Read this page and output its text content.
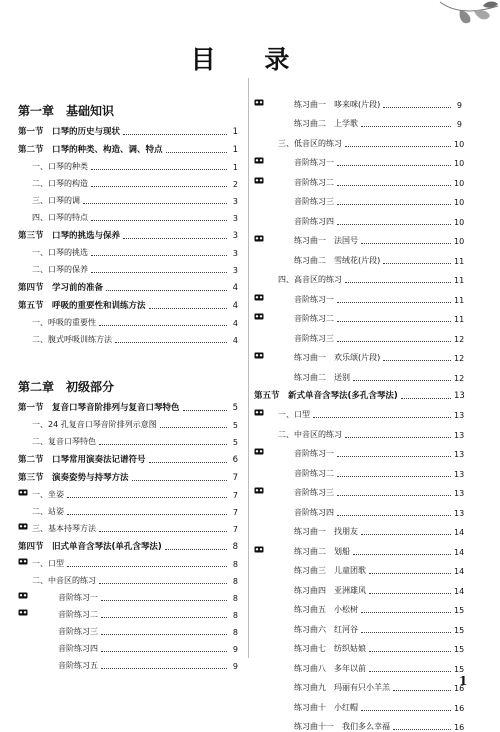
目 录
第一章　基础知识
第一节　口琴的历史与现状	1
第二节　口琴的种类、构造、调、特点	1
一、口琴的种类	1
二、口琴的构造	2
三、口琴的调	3
四、口琴的特点	3
第三节　口琴的挑选与保养	3
一、口琴的挑选	3
二、口琴的保养	3
第四节　学习前的准备	4
第五节　呼吸的重要性和训练方法	4
一、呼吸的重要性	4
二、腹式呼吸训练方法	4
第二章　初级部分
第一节　复音口琴音阶排列与复音口琴特色	5
一、24 孔复音口琴音阶排列示意图	5
二、复音口琴特色	5
第二节　口琴常用演奏法记谱符号	6
第三节　演奏姿势与持琴方法	7
一、坐姿	7
二、站姿	7
三、基本持琴方法	7
第四节　旧式单音含琴法(单孔含琴法)	8
一、口型	8
二、中音区的练习	8
音阶练习一	8
音阶练习二	8
音阶练习三	8
音阶练习四	9
音阶练习五	9
练习曲一　哆来咪(片段)	9
练习曲二　上学歌	9
三、低音区的练习	10
音阶练习一	10
音阶练习二	10
音阶练习三	10
音阶练习四	10
练习曲一　法国号	10
练习曲二　雪绒花(片段)	11
四、高音区的练习	11
音阶练习一	11
音阶练习二	11
音阶练习三	12
练习曲一　欢乐颂(片段)	12
练习曲二　送别	12
第五节　新式单音含琴法(多孔含琴法)	13
一、口型	13
二、中音区的练习	13
音阶练习一	13
音阶练习二	13
音阶练习三	13
音阶练习四	13
练习曲一　找朋友	14
练习曲二　划船	14
练习曲三　儿童团歌	14
练习曲四　亚洲雄风	14
练习曲五　小松树	15
练习曲六　红河谷	15
练习曲七　纺织姑娘	15
练习曲八　多年以前	15
练习曲九　玛丽有只小羊羔	16
练习曲十　小红帽	16
练习曲十一　我们多么幸福	16
1
